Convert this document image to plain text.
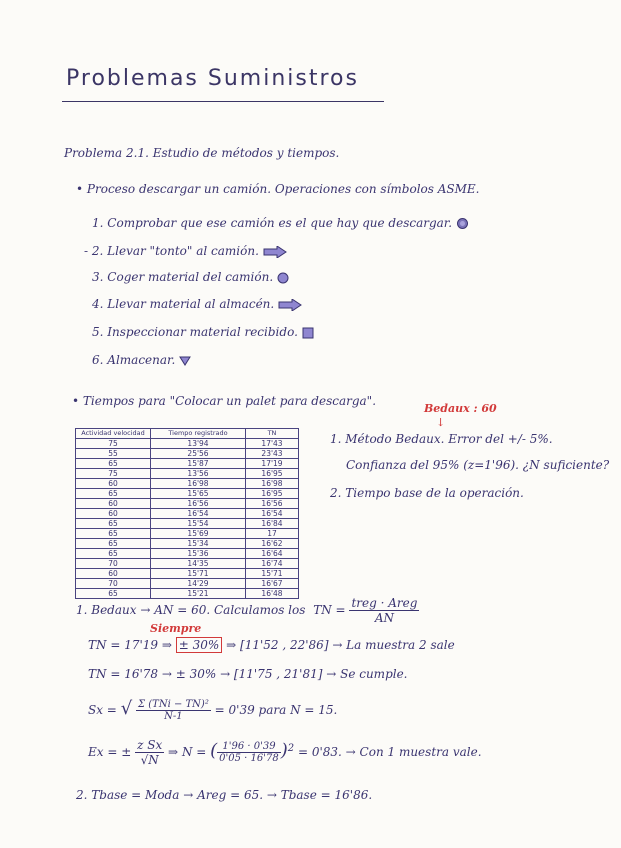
Problemas Suministros
Problema 2.1. Estudio de métodos y tiempos.
• Proceso descargar un camión. Operaciones con símbolos ASME.
1. Comprobar que ese camión es el que hay que descargar.
- 2. Llevar "tonto" al camión.
3. Coger material del camión.
4. Llevar material al almacén.
5. Inspeccionar material recibido.
6. Almacenar.
• Tiempos para "Colocar un palet para descarga".
Bedaux : 60
↓
Actividad velocidad	Tiempo registrado	TN
75	13'94	17'43
55	25'56	23'43
65	15'87	17'19
75	13'56	16'95
60	16'98	16'98
65	15'65	16'95
60	16'56	16'56
60	16'54	16'54
65	15'54	16'84
65	15'69	17
65	15'34	16'62
65	15'36	16'64
70	14'35	16'74
60	15'71	15'71
70	14'29	16'67
65	15'21	16'48
1. Método Bedaux. Error del +/- 5%.
Confianza del 95% (z=1'96). ¿N suficiente?
2. Tiempo base de la operación.
1. Bedaux → AN = 60. Calculamos los TN = $\frac{\text{treg · Areg}}{AN}$
Siempre
TN = 17'19 ⇒ ± 30% ⇒ [11'52 , 22'86] → La muestra 2 sale
TN = 16'78 → ± 30% → [11'75 , 21'81] → Se cumple.
Sx = √ $\frac{\text{Σ (TNi − TN)²}}{N-1} = 0'39$ para N = 15.
Ex = ± $\frac{\text{z Sx}}{√N}$ ⇒ N = ( $\frac{1'96 \cdot 0'39}{0'05 \cdot 16'78} )^2 = 0'83$. → Con 1 muestra vale.
2. Tbase = Moda → Areg = 65. → Tbase = 16'86.
